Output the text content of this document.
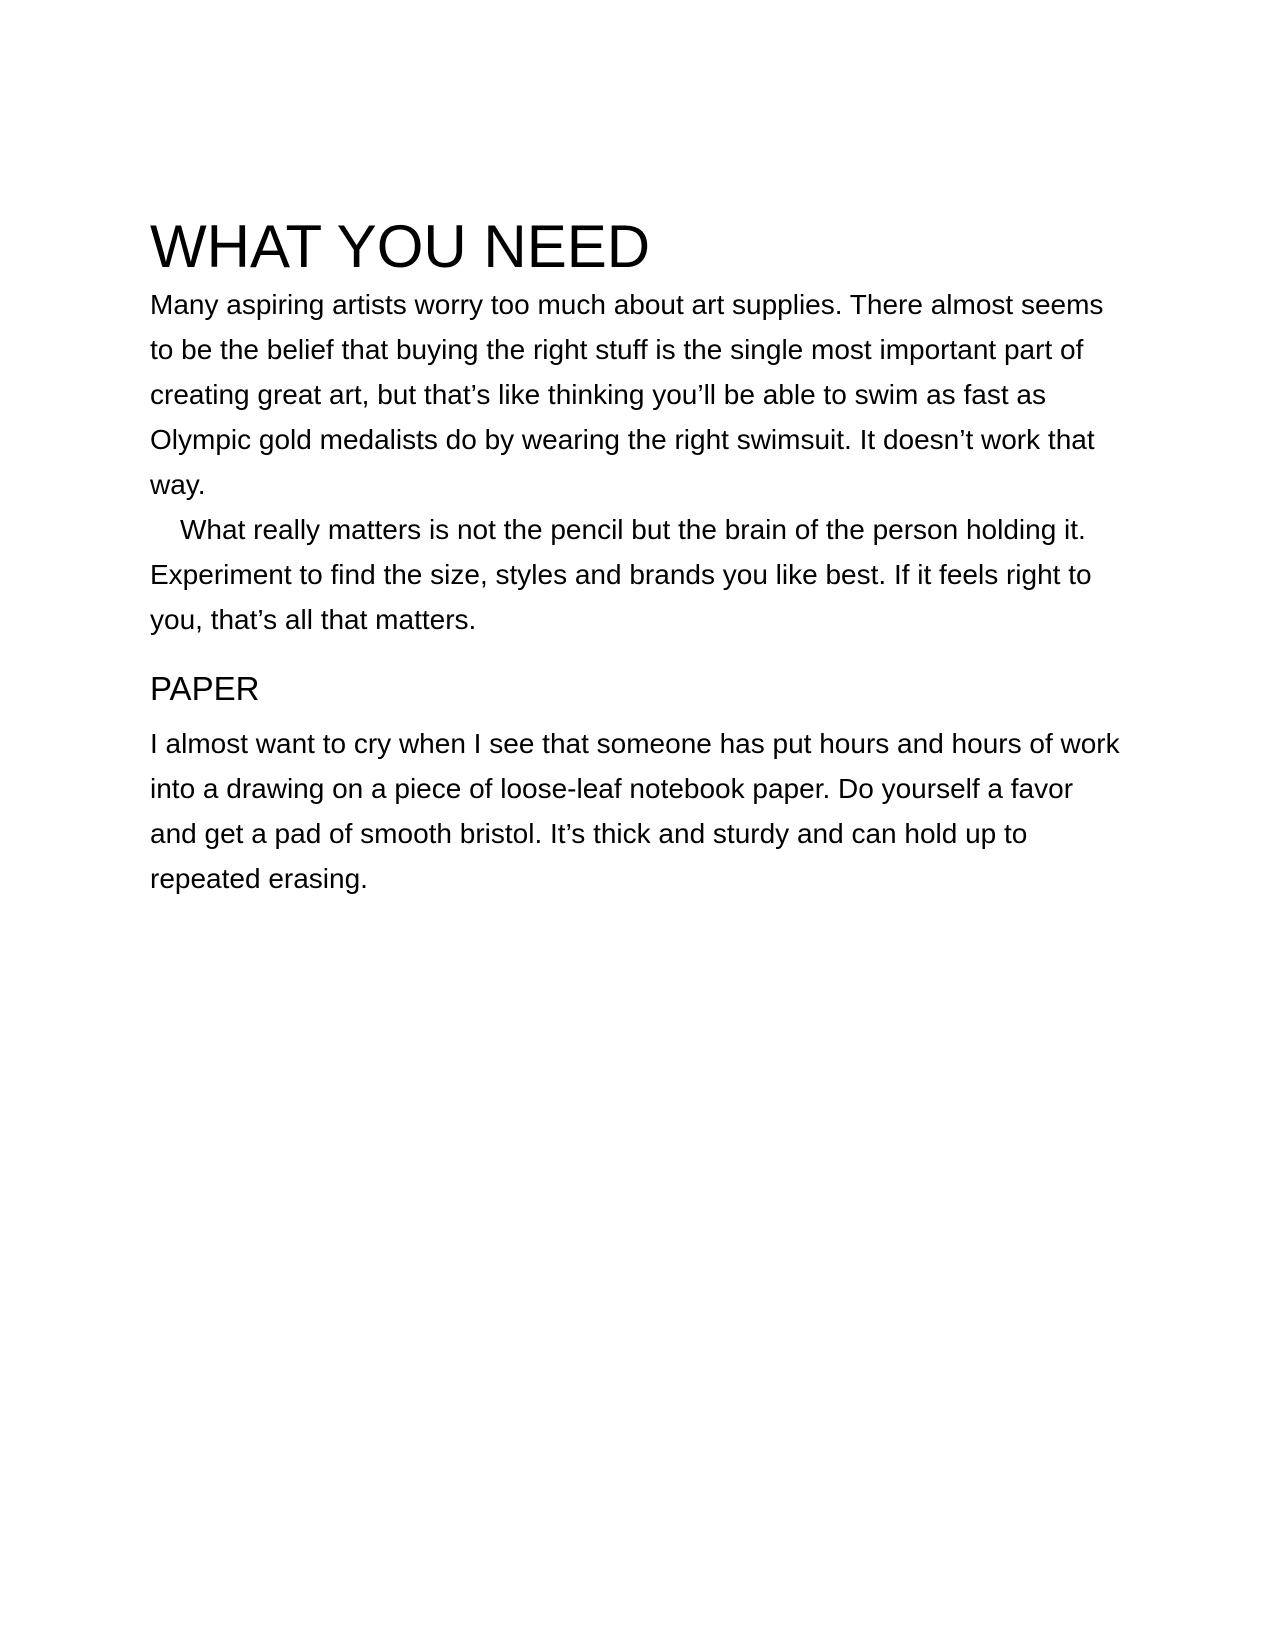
WHAT YOU NEED

Many aspiring artists worry too much about art supplies. There almost seems to be the belief that buying the right stuff is the single most important part of creating great art, but that’s like thinking you’ll be able to swim as fast as Olympic gold medalists do by wearing the right swimsuit. It doesn’t work that way.

What really matters is not the pencil but the brain of the person holding it. Experiment to find the size, styles and brands you like best. If it feels right to you, that’s all that matters.

PAPER

I almost want to cry when I see that someone has put hours and hours of work into a drawing on a piece of loose-leaf notebook paper. Do yourself a favor and get a pad of smooth bristol. It’s thick and sturdy and can hold up to repeated erasing.
